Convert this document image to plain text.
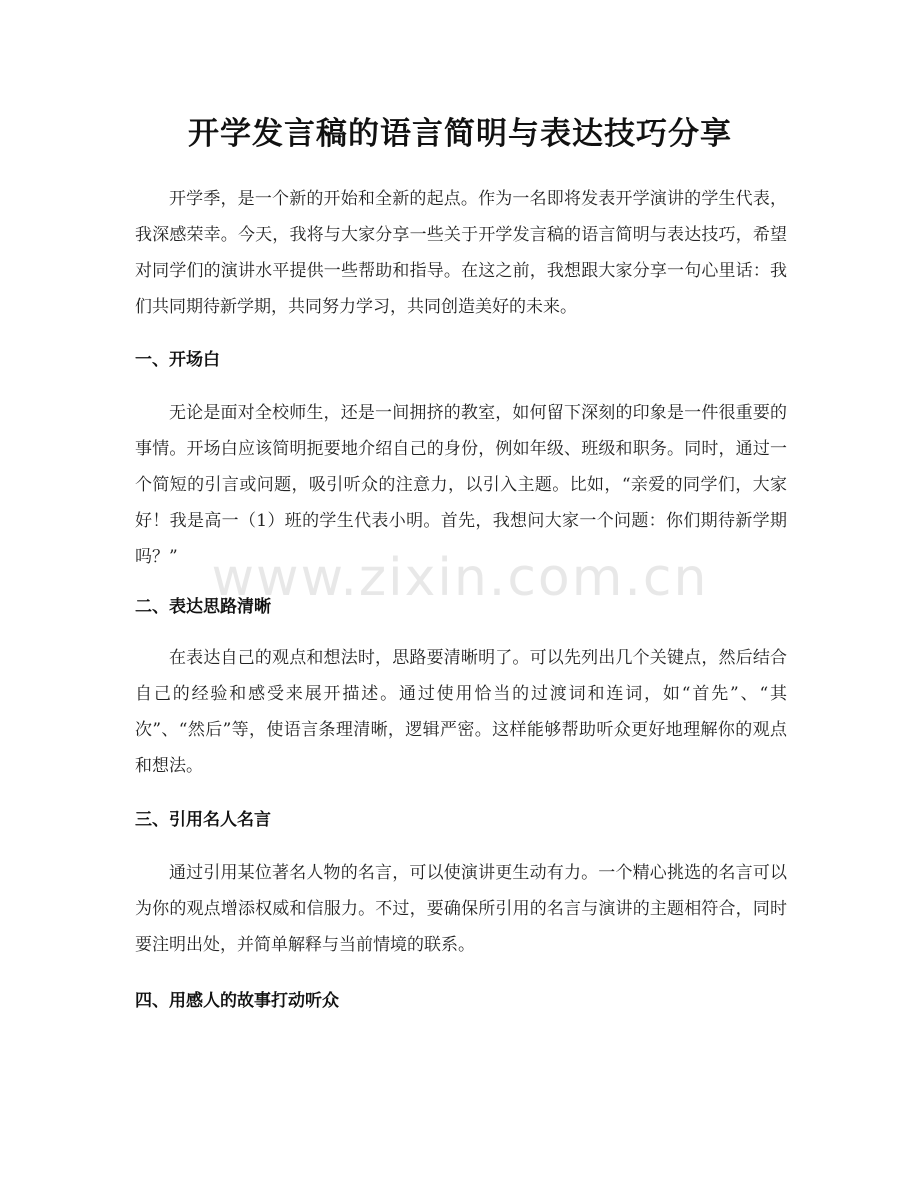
开学发言稿的语言简明与表达技巧分享

开学季，是一个新的开始和全新的起点。作为一名即将发表开学演讲的学生代表，我深感荣幸。今天，我将与大家分享一些关于开学发言稿的语言简明与表达技巧，希望对同学们的演讲水平提供一些帮助和指导。在这之前，我想跟大家分享一句心里话：我们共同期待新学期，共同努力学习，共同创造美好的未来。

一、开场白

无论是面对全校师生，还是一间拥挤的教室，如何留下深刻的印象是一件很重要的事情。开场白应该简明扼要地介绍自己的身份，例如年级、班级和职务。同时，通过一个简短的引言或问题，吸引听众的注意力，以引入主题。比如，“亲爱的同学们，大家好！我是高一（1）班的学生代表小明。首先，我想问大家一个问题：你们期待新学期吗？”

二、表达思路清晰

在表达自己的观点和想法时，思路要清晰明了。可以先列出几个关键点，然后结合自己的经验和感受来展开描述。通过使用恰当的过渡词和连词，如“首先”、“其次”、“然后”等，使语言条理清晰，逻辑严密。这样能够帮助听众更好地理解你的观点和想法。

三、引用名人名言

通过引用某位著名人物的名言，可以使演讲更生动有力。一个精心挑选的名言可以为你的观点增添权威和信服力。不过，要确保所引用的名言与演讲的主题相符合，同时要注明出处，并简单解释与当前情境的联系。

四、用感人的故事打动听众
www.zixin.com.cn
